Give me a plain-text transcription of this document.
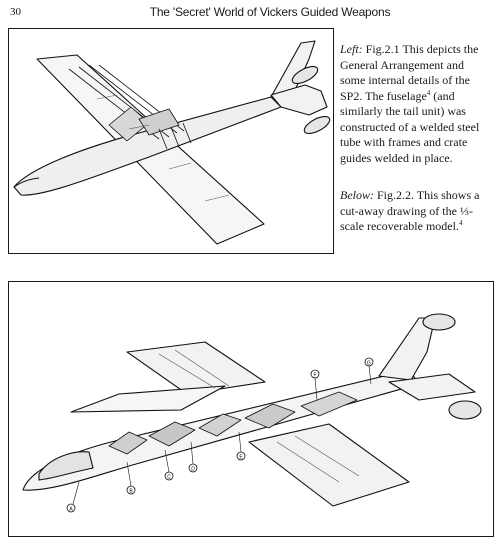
30	The 'Secret' World of Vickers Guided Weapons
Left: Fig.2.1 This depicts the General Arrangement and some internal details of the SP2. The fuselage$^4$ (and similarly the tail unit) was constructed of a welded steel tube with frames and crate guides welded in place.
Below: Fig.2.2. This shows a cut-away drawing of the ⅓-scale recoverable model.$^4$
A
B
C
D
E
F
G
